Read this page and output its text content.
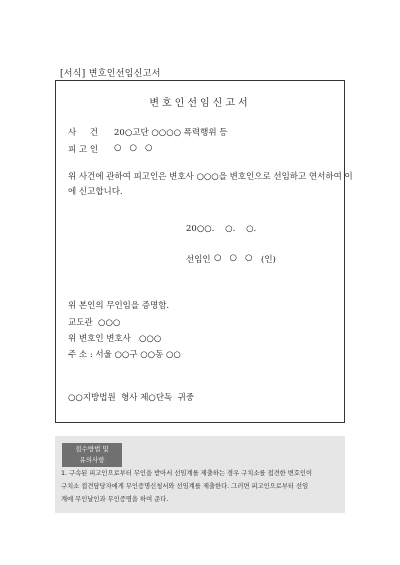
[서식] 변호인선임신고서
변호인선임신고서
사     건 20○고단 ○○○○ 폭력행위 등
피 고 인 ○   ○   ○
위 사건에 관하여 피고인은 변호사 ○○○을 변호인으로 선임하고 연서하여 이
에 신고합니다.
20○○.    ○.    ○.
선임인 ○   ○   ○ (인)
위 본인의 무인임을 증명함.
교도관  ○○○
위 변호인 변호사   ○○○
주 소 : 서울 ○○구 ○○동 ○○
○○지방법원  형사 제○단독  귀중
접수방법 및
유의사항
1. 구속된 피고인으로부터 무인을 받아서 선임계를 제출하는 경우 구치소를 접견한 변호인이
구치소 접견담당자에게 무인증명신청서와 선임계를 제출한다. 그러면 피고인으로부터 선임
계에 무인날인과 무인증명을 하여 준다.
